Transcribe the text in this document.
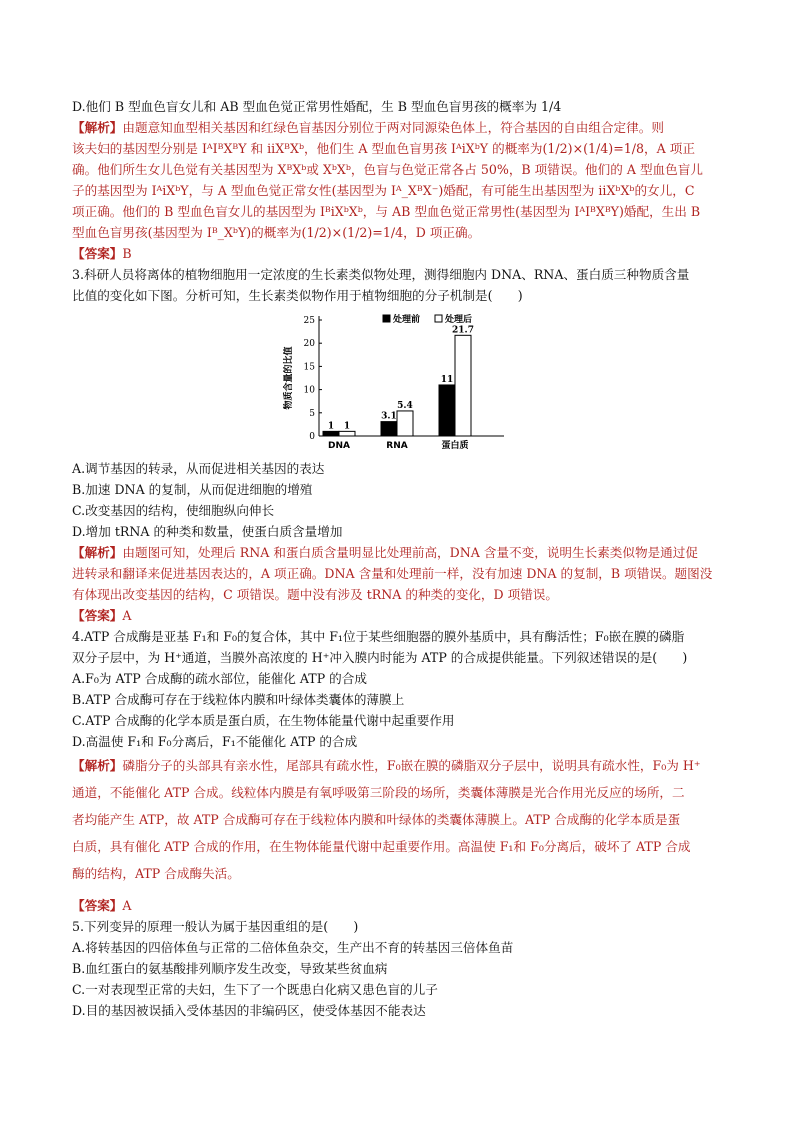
D.他们 B 型血色盲女儿和 AB 型血色觉正常男性婚配，生 B 型血色盲男孩的概率为 1/4
【解析】由题意知血型相关基因和红绿色盲基因分别位于两对同源染色体上，符合基因的自由组合定律。则
该夫妇的基因型分别是 IᴬIᴮXᴮY 和 iiXᴮXᵇ，他们生 A 型血色盲男孩 IᴬiXᵇY 的概率为(1/2)×(1/4)=1/8，A 项正
确。他们所生女儿色觉有关基因型为 XᴮXᵇ或 XᵇXᵇ，色盲与色觉正常各占 50%，B 项错误。他们的 A 型血色盲儿
子的基因型为 IᴬiXᵇY，与 A 型血色觉正常女性(基因型为 Iᴬ_XᴮX⁻)婚配，有可能生出基因型为 iiXᵇXᵇ的女儿，C
项正确。他们的 B 型血色盲女儿的基因型为 IᴮiXᵇXᵇ，与 AB 型血色觉正常男性(基因型为 IᴬIᴮXᴮY)婚配，生出 B
型血色盲男孩(基因型为 Iᴮ_XᵇY)的概率为(1/2)×(1/2)=1/4，D 项正确。
【答案】B
3.科研人员将离体的植物细胞用一定浓度的生长素类似物处理，测得细胞内 DNA、RNA、蛋白质三种物质含量
比值的变化如下图。分析可知，生长素类似物作用于植物细胞的分子机制是(　　)
0
5
10
15
20
25
物质含量的比值
1 1
DNA
3.1
5.4
RNA
11
21.7
蛋白质
处理前	处理后
A.调节基因的转录，从而促进相关基因的表达
B.加速 DNA 的复制，从而促进细胞的增殖
C.改变基因的结构，使细胞纵向伸长
D.增加 tRNA 的种类和数量，使蛋白质含量增加
【解析】由题图可知，处理后 RNA 和蛋白质含量明显比处理前高，DNA 含量不变，说明生长素类似物是通过促
进转录和翻译来促进基因表达的，A 项正确。DNA 含量和处理前一样，没有加速 DNA 的复制，B 项错误。题图没
有体现出改变基因的结构，C 项错误。题中没有涉及 tRNA 的种类的变化，D 项错误。
【答案】A
4.ATP 合成酶是亚基 F₁和 F₀的复合体，其中 F₁位于某些细胞器的膜外基质中，具有酶活性；F₀嵌在膜的磷脂
双分子层中，为 H⁺通道，当膜外高浓度的 H⁺冲入膜内时能为 ATP 的合成提供能量。下列叙述错误的是(　　)
A.F₀为 ATP 合成酶的疏水部位，能催化 ATP 的合成
B.ATP 合成酶可存在于线粒体内膜和叶绿体类囊体的薄膜上
C.ATP 合成酶的化学本质是蛋白质，在生物体能量代谢中起重要作用
D.高温使 F₁和 F₀分离后，F₁不能催化 ATP 的合成
【解析】磷脂分子的头部具有亲水性，尾部具有疏水性，F₀嵌在膜的磷脂双分子层中，说明具有疏水性，F₀为 H⁺
通道，不能催化 ATP 合成。线粒体内膜是有氧呼吸第三阶段的场所，类囊体薄膜是光合作用光反应的场所，二
者均能产生 ATP，故 ATP 合成酶可存在于线粒体内膜和叶绿体的类囊体薄膜上。ATP 合成酶的化学本质是蛋
白质，具有催化 ATP 合成的作用，在生物体能量代谢中起重要作用。高温使 F₁和 F₀分离后，破坏了 ATP 合成
酶的结构，ATP 合成酶失活。
【答案】A
5.下列变异的原理一般认为属于基因重组的是(　　)
A.将转基因的四倍体鱼与正常的二倍体鱼杂交，生产出不育的转基因三倍体鱼苗
B.血红蛋白的氨基酸排列顺序发生改变，导致某些贫血病
C.一对表现型正常的夫妇，生下了一个既患白化病又患色盲的儿子
D.目的基因被误插入受体基因的非编码区，使受体基因不能表达
